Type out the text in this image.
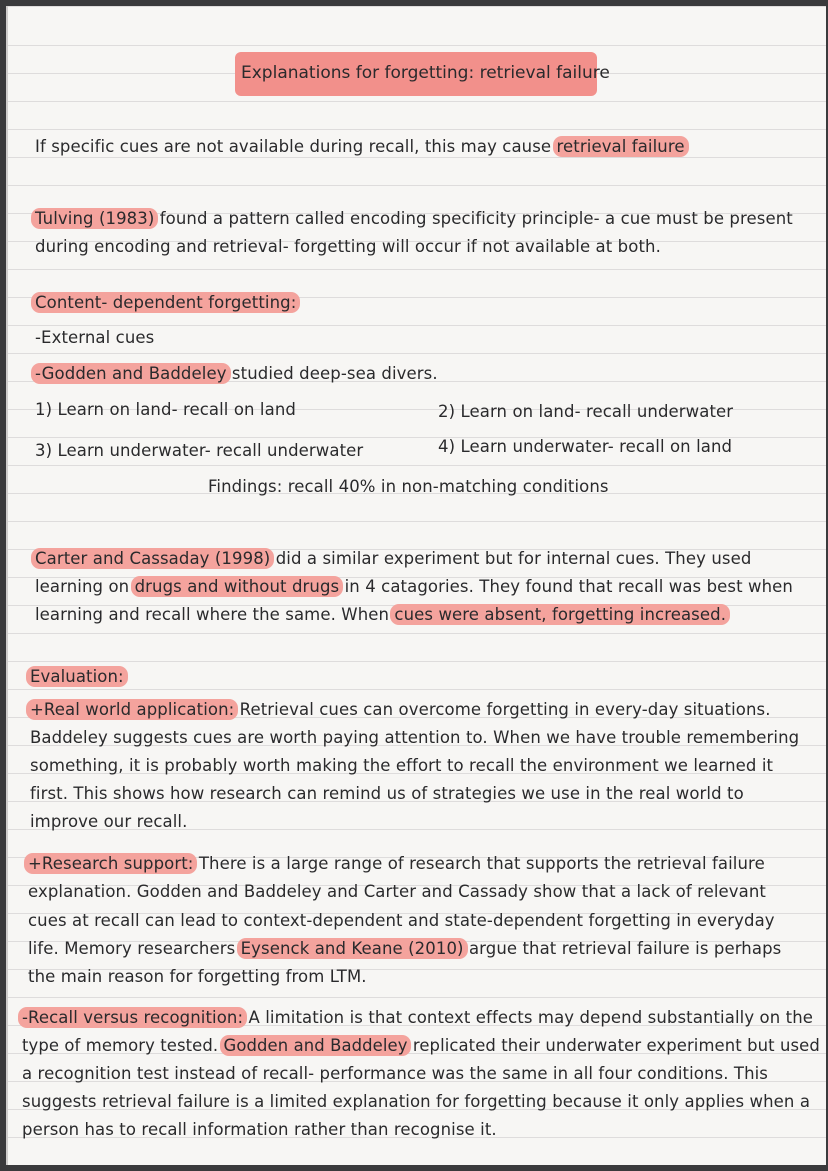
Explanations for forgetting: retrieval failure
If specific cues are not available during recall, this may cause retrieval failure
Tulving (1983) found a pattern called encoding specificity principle- a cue must be present
during encoding and retrieval- forgetting will occur if not available at both.
Content- dependent forgetting:
-External cues
-Godden and Baddeley studied deep-sea divers.
1) Learn on land- recall on land	2) Learn on land- recall underwater
3) Learn underwater- recall underwater	4) Learn underwater- recall on land
Findings: recall 40% in non-matching conditions
Carter and Cassaday (1998) did a similar experiment but for internal cues. They used
learning on drugs and without drugs in 4 catagories. They found that recall was best when
learning and recall where the same. When cues were absent, forgetting increased.
Evaluation:
+Real world application: Retrieval cues can overcome forgetting in every-day situations.
Baddeley suggests cues are worth paying attention to. When we have trouble remembering
something, it is probably worth making the effort to recall the environment we learned it
first. This shows how research can remind us of strategies we use in the real world to
improve our recall.
+Research support: There is a large range of research that supports the retrieval failure
explanation. Godden and Baddeley and Carter and Cassady show that a lack of relevant
cues at recall can lead to context-dependent and state-dependent forgetting in everyday
life. Memory researchers Eysenck and Keane (2010) argue that retrieval failure is perhaps
the main reason for forgetting from LTM.
-Recall versus recognition: A limitation is that context effects may depend substantially on the
type of memory tested. Godden and Baddeley replicated their underwater experiment but used
a recognition test instead of recall- performance was the same in all four conditions. This
suggests retrieval failure is a limited explanation for forgetting because it only applies when a
person has to recall information rather than recognise it.
